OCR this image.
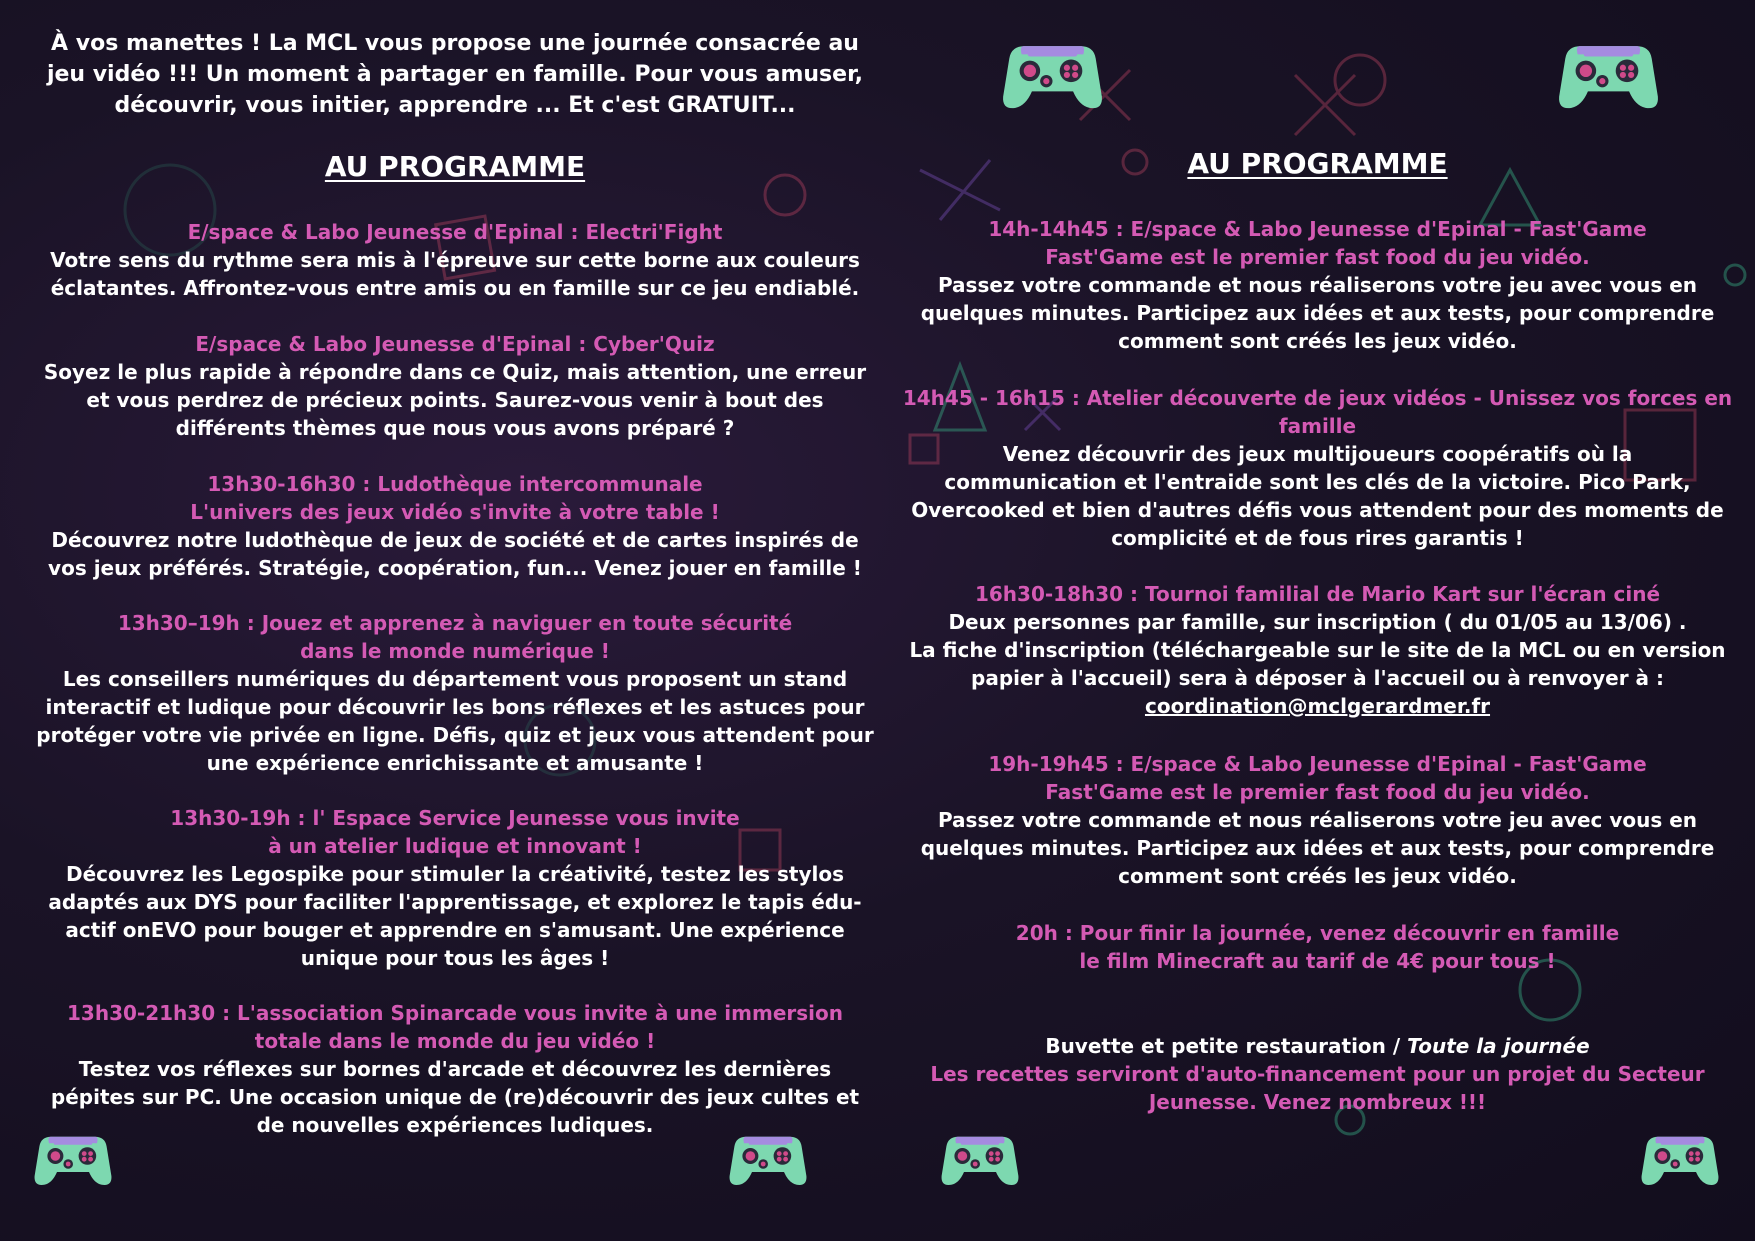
À vos manettes ! La MCL vous propose une journée consacrée au
jeu vidéo !!! Un moment à partager en famille. Pour vous amuser,
découvrir, vous initier, apprendre ... Et c'est GRATUIT...
AU PROGRAMME
E/space & Labo Jeunesse d'Epinal : Electri'Fight
Votre sens du rythme sera mis à l'épreuve sur cette borne aux couleurs
éclatantes. Affrontez-vous entre amis ou en famille sur ce jeu endiablé.
E/space & Labo Jeunesse d'Epinal : Cyber'Quiz
Soyez le plus rapide à répondre dans ce Quiz, mais attention, une erreur
et vous perdrez de précieux points. Saurez-vous venir à bout des
différents thèmes que nous vous avons préparé ?
13h30-16h30 : Ludothèque intercommunale
L'univers des jeux vidéo s'invite à votre table !
Découvrez notre ludothèque de jeux de société et de cartes inspirés de
vos jeux préférés. Stratégie, coopération, fun... Venez jouer en famille !
13h30–19h : Jouez et apprenez à naviguer en toute sécurité
dans le monde numérique !
Les conseillers numériques du département vous proposent un stand
interactif et ludique pour découvrir les bons réflexes et les astuces pour
protéger votre vie privée en ligne. Défis, quiz et jeux vous attendent pour
une expérience enrichissante et amusante !
13h30-19h : l' Espace Service Jeunesse vous invite
à un atelier ludique et innovant !
Découvrez les Legospike pour stimuler la créativité, testez les stylos
adaptés aux DYS pour faciliter l'apprentissage, et explorez le tapis édu-
actif onEVO pour bouger et apprendre en s'amusant. Une expérience
unique pour tous les âges !
13h30-21h30 : L'association Spinarcade vous invite à une immersion
totale dans le monde du jeu vidéo !
Testez vos réflexes sur bornes d'arcade et découvrez les dernières
pépites sur PC. Une occasion unique de (re)découvrir des jeux cultes et
de nouvelles expériences ludiques.
AU PROGRAMME
14h-14h45 : E/space & Labo Jeunesse d'Epinal - Fast'Game
Fast'Game est le premier fast food du jeu vidéo.
Passez votre commande et nous réaliserons votre jeu avec vous en
quelques minutes. Participez aux idées et aux tests, pour comprendre
comment sont créés les jeux vidéo.
14h45 - 16h15 : Atelier découverte de jeux vidéos - Unissez vos forces en
famille
Venez découvrir des jeux multijoueurs coopératifs où la
communication et l'entraide sont les clés de la victoire. Pico Park,
Overcooked et bien d'autres défis vous attendent pour des moments de
complicité et de fous rires garantis !
16h30-18h30 : Tournoi familial de Mario Kart sur l'écran ciné
Deux personnes par famille, sur inscription ( du 01/05 au 13/06) .
La fiche d'inscription (téléchargeable sur le site de la MCL ou en version
papier à l'accueil) sera à déposer à l'accueil ou à renvoyer à :
coordination@mclgerardmer.fr
19h-19h45 : E/space & Labo Jeunesse d'Epinal - Fast'Game
Fast'Game est le premier fast food du jeu vidéo.
Passez votre commande et nous réaliserons votre jeu avec vous en
quelques minutes. Participez aux idées et aux tests, pour comprendre
comment sont créés les jeux vidéo.
20h : Pour finir la journée, venez découvrir en famille
le film Minecraft au tarif de 4€ pour tous !
Buvette et petite restauration / Toute la journée
Les recettes serviront d'auto-financement pour un projet du Secteur
Jeunesse. Venez nombreux !!!
